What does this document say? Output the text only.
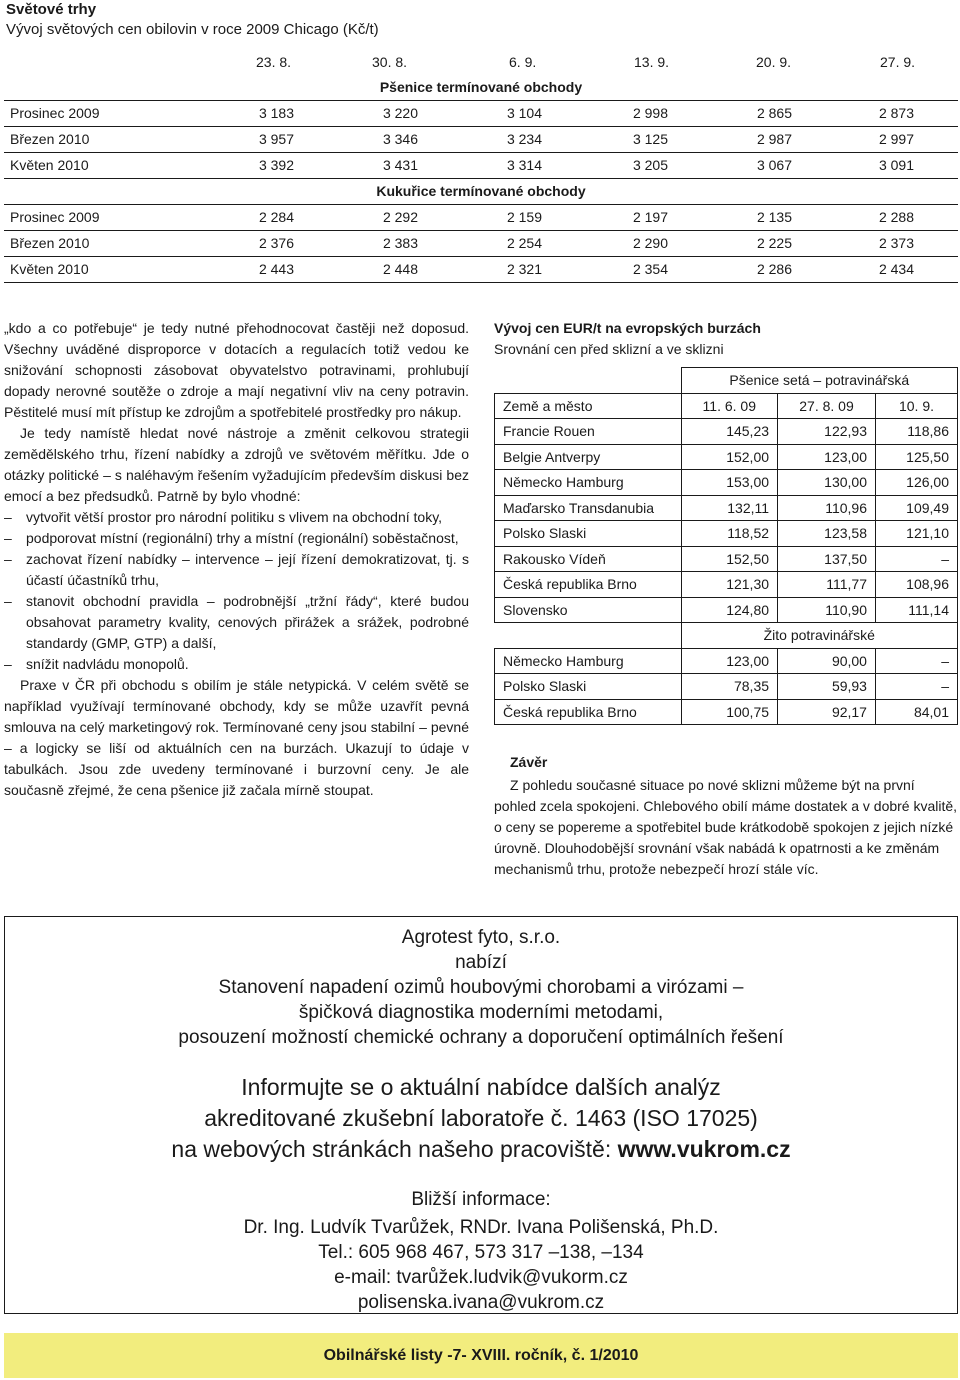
Světové trhy
Vývoj světových cen obilovin v roce 2009 Chicago (Kč/t)
23. 8.	30. 8.	6. 9.	13. 9.	20. 9.	27. 9.
Pšenice termínované obchody
Prosinec 2009	3 183	3 220	3 104	2 998	2 865	2 873
Březen 2010	3 957	3 346	3 234	3 125	2 987	2 997
Květen 2010	3 392	3 431	3 314	3 205	3 067	3 091
Kukuřice termínované obchody
Prosinec 2009	2 284	2 292	2 159	2 197	2 135	2 288
Březen 2010	2 376	2 383	2 254	2 290	2 225	2 373
Květen 2010	2 443	2 448	2 321	2 354	2 286	2 434

„kdo a co potřebuje“ je tedy nutné přehodnocovat častěji než doposud. Všechny uváděné disproporce v dotacích a regulacích totiž vedou ke snižování schopnosti zásobovat obyvatelstvo potravinami, prohlubují dopady nerovné soutěže o zdroje a mají negativní vliv na ceny potravin. Pěstitelé musí mít přístup ke zdrojům a spotřebitelé prostředky pro nákup.

Je tedy namístě hledat nové nástroje a změnit celkovou strategii zemědělského trhu, řízení nabídky a zdrojů ve světovém měřítku. Jde o otázky politické – s naléhavým řešením vyžadujícím především diskusi bez emocí a bez předsudků. Patrně by bylo vhodné:

– vytvořit větší prostor pro národní politiku s vlivem na obchodní toky,

– podporovat místní (regionální) trhy a místní (regionální) soběstačnost,

– zachovat řízení nabídky – intervence – její řízení demokratizovat, tj. s účastí účastníků trhu,

– stanovit obchodní pravidla – podrobnější „tržní řády“, které budou obsahovat parametry kvality, cenových přirážek a srážek, podrobné standardy (GMP, GTP) a další,

– snížit nadvládu monopolů.

Praxe v ČR při obchodu s obilím je stále netypická. V celém světě se například využívají termínované obchody, kdy se může uzavřít pevná smlouva na celý marketingový rok. Termínované ceny jsou stabilní – pevné – a logicky se liší od aktuálních cen na burzách. Ukazují to údaje v tabulkách. Jsou zde uvedeny termínované i burzovní ceny. Je ale současně zřejmé, že cena pšenice již začala mírně stoupat.

Vývoj cen EUR/t na evropských burzách
Srovnání cen před sklizní a ve sklizni
	Pšenice setá – potravinářská		
Země a město	11. 6. 09	27. 8. 09	10. 9.
Francie Rouen	145,23	122,93	118,86
Belgie Antverpy	152,00	123,00	125,50
Německo Hamburg	153,00	130,00	126,00
Maďarsko Transdanubia	132,11	110,96	109,49
Polsko Slaski	118,52	123,58	121,10
Rakousko Vídeň	152,50	137,50	–
Česká republika Brno	121,30	111,77	108,96
Slovensko	124,80	110,90	111,14
	Žito potravinářské		
Německo Hamburg	123,00	90,00	–
Polsko Slaski	78,35	59,93	–
Česká republika Brno	100,75	92,17	84,01
Závěr

Z pohledu současné situace po nové sklizni můžeme být na první pohled zcela spokojeni. Chlebového obilí máme dostatek a v dobré kvalitě, o ceny se popereme a spotřebitel bude krátkodobě spokojen z jejich nízké úrovně. Dlouhodobější srovnání však nabádá k opatrnosti a ke změnám mechanismů trhu, protože nebezpečí hrozí stále víc.

Agrotest fyto, s.r.o.
nabízí
Stanovení napadení ozimů houbovými chorobami a virózami –
špičková diagnostika moderními metodami,
posouzení možností chemické ochrany a doporučení optimálních řešení
Informujte se o aktuální nabídce dalších analýz
akreditované zkušební laboratoře č. 1463 (ISO 17025)
na webových stránkách našeho pracoviště: www.vukrom.cz
Bližší informace:
Dr. Ing. Ludvík Tvarůžek, RNDr. Ivana Polišenská, Ph.D.
Tel.: 605 968 467, 573 317 –138, –134
e-mail: tvarůžek.ludvik@vukorm.cz
polisenska.ivana@vukrom.cz
Obilnářské listy -7- XVIII. ročník, č. 1/2010
